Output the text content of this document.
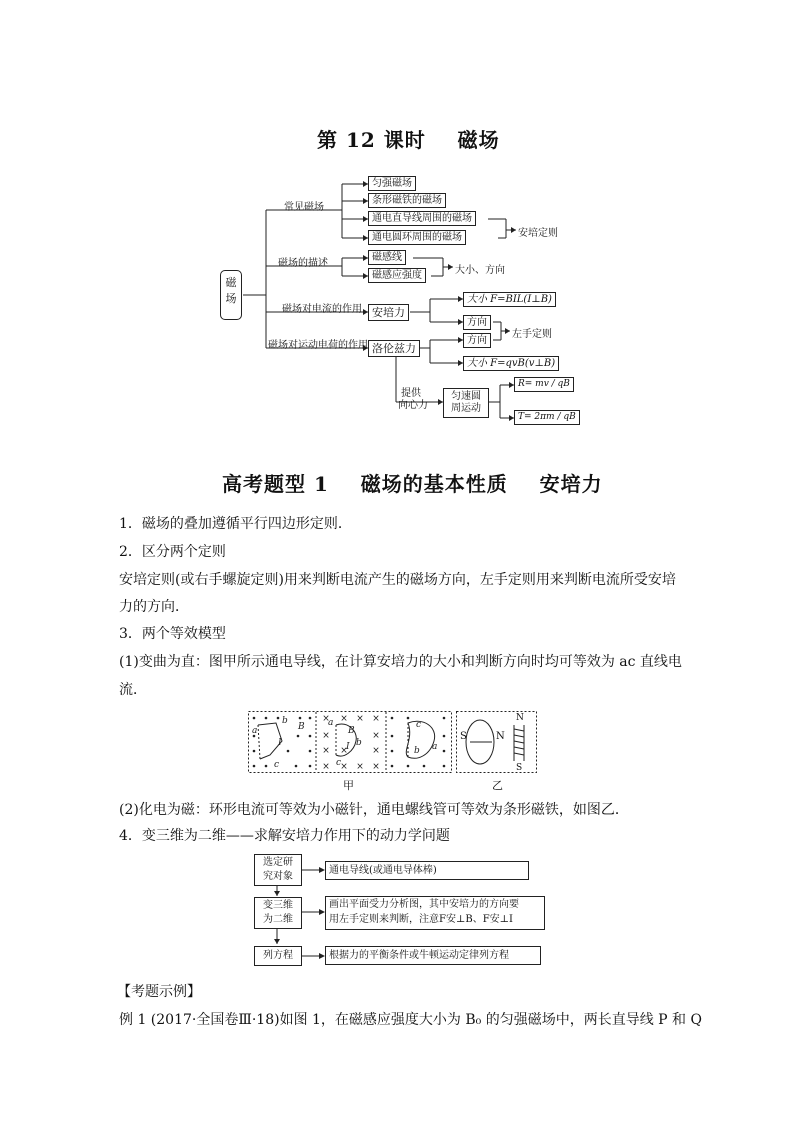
第 12 课时    磁场
磁场
常见磁场
磁场的描述
磁场对电流的作用
磁场对运动电荷的作用
匀强磁场
条形磁铁的磁场
通电直导线周围的磁场
通电圆环周围的磁场	安培定则
磁感线
磁感应强度	大小、方向
安培力
大小 F=BIL(I⊥B)
方向
方向
左手定则
洛伦兹力
大小 F=qvB(v⊥B)
提供
向心力
匀速圆
周运动
R= mv / qB
T= 2πm / qB
高考题型 1    磁场的基本性质    安培力
1．磁场的叠加遵循平行四边形定则．
2．区分两个定则
安培定则(或右手螺旋定则)用来判断电流产生的磁场方向，左手定则用来判断电流所受安培
力的方向．
3．两个等效模型
(1)变曲为直：图甲所示通电导线，在计算安培力的大小和判断方向时均可等效为 ac 直线电
流．
× × × ×
×	×
× ×	×
× × × ×
b
a	B
I
c
a
B
b
I
c
c
b a
S	N
N
S
甲	乙
(2)化电为磁：环形电流可等效为小磁针，通电螺线管可等效为条形磁铁，如图乙．
4．变三维为二维——求解安培力作用下的动力学问题
选定研
究对象
通电导线(或通电导体棒)
变三维
为二维
画出平面受力分析图，其中安培力的方向要
用左手定则来判断，注意F安⊥B、F安⊥I
列方程	根据力的平衡条件或牛顿运动定律列方程
【考题示例】
例 1 (2017·全国卷Ⅲ·18)如图 1，在磁感应强度大小为 B₀ 的匀强磁场中，两长直导线 P 和 Q
